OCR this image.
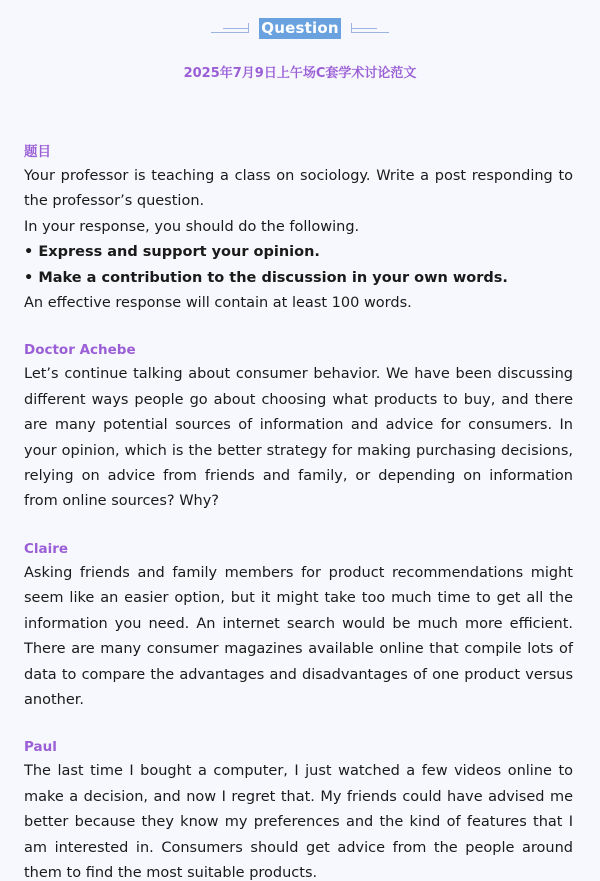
Question
2025年7月9日上午场C套学术讨论范文

题目

Your professor is teaching a class on sociology. Write a post responding to the professor’s question.

In your response, you should do the following.

• Express and support your opinion.

• Make a contribution to the discussion in your own words.

An effective response will contain at least 100 words.

Doctor Achebe

Let’s continue talking about consumer behavior. We have been discussing different ways people go about choosing what products to buy, and there are many potential sources of information and advice for consumers. In your opinion, which is the better strategy for making purchasing decisions, relying on advice from friends and family, or depending on information from online sources? Why?

Claire

Asking friends and family members for product recommendations might seem like an easier option, but it might take too much time to get all the information you need. An internet search would be much more efficient. There are many consumer magazines available online that compile lots of data to compare the advantages and disadvantages of one product versus another.

Paul

The last time I bought a computer, I just watched a few videos online to make a decision, and now I regret that. My friends could have advised me better because they know my preferences and the kind of features that I am interested in. Consumers should get advice from the people around them to find the most suitable products.
